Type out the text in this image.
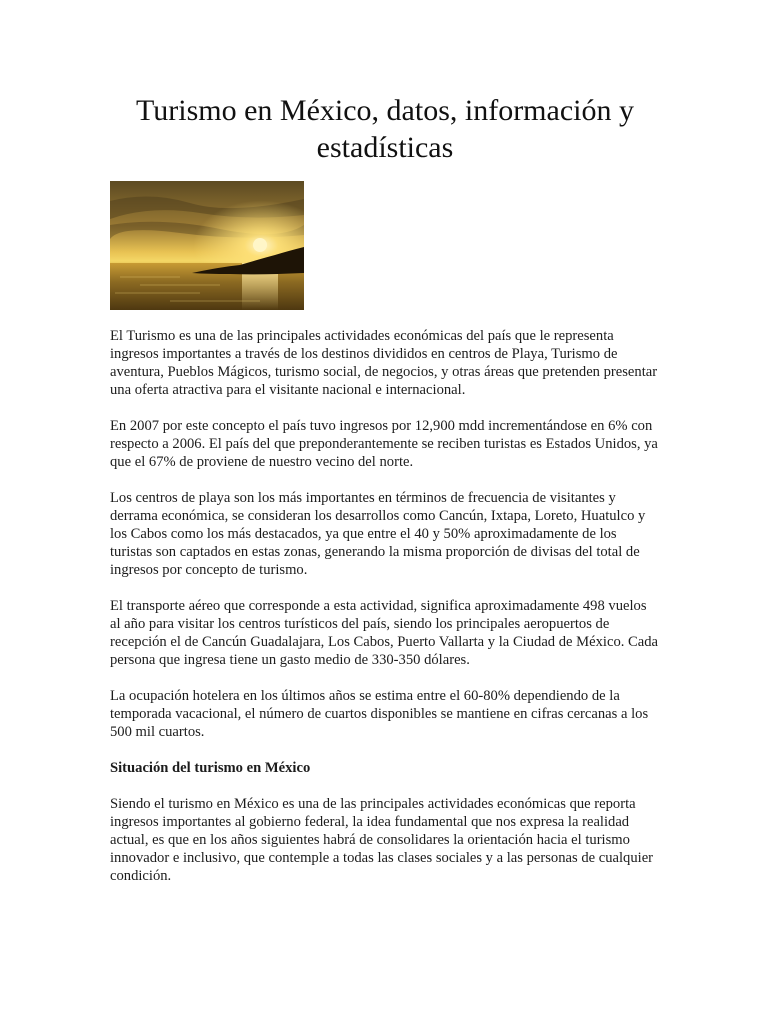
Turismo en México, datos, información y estadísticas

El Turismo es una de las principales actividades económicas del país que le representa ingresos importantes a través de los destinos divididos en centros de Playa, Turismo de aventura, Pueblos Mágicos, turismo social, de negocios, y otras áreas que pretenden presentar una oferta atractiva para el visitante nacional e internacional.

En 2007 por este concepto el país tuvo ingresos por 12,900 mdd incrementándose en 6% con respecto a 2006. El país del que preponderantemente se reciben turistas es Estados Unidos, ya que el 67% de proviene de nuestro vecino del norte.

Los centros de playa son los más importantes en términos de frecuencia de visitantes y derrama económica, se consideran los desarrollos como Cancún, Ixtapa, Loreto, Huatulco y los Cabos como los más destacados, ya que entre el 40 y 50% aproximadamente de los turistas son captados en estas zonas, generando la misma proporción de divisas del total de ingresos por concepto de turismo.

El transporte aéreo que corresponde a esta actividad, significa aproximadamente 498 vuelos al año para visitar los centros turísticos del país, siendo los principales aeropuertos de recepción el de Cancún Guadalajara, Los Cabos, Puerto Vallarta y la Ciudad de México. Cada persona que ingresa tiene un gasto medio de 330-350 dólares.

La ocupación hotelera en los últimos años se estima entre el 60-80% dependiendo de la temporada vacacional, el número de cuartos disponibles se mantiene en cifras cercanas a los 500 mil cuartos.

Situación del turismo en México

Siendo el turismo en México es una de las principales actividades económicas que reporta ingresos importantes al gobierno federal, la idea fundamental que nos expresa la realidad actual, es que en los años siguientes habrá de consolidares la orientación hacia el turismo innovador e inclusivo, que contemple a todas las clases sociales y a las personas de cualquier condición.
